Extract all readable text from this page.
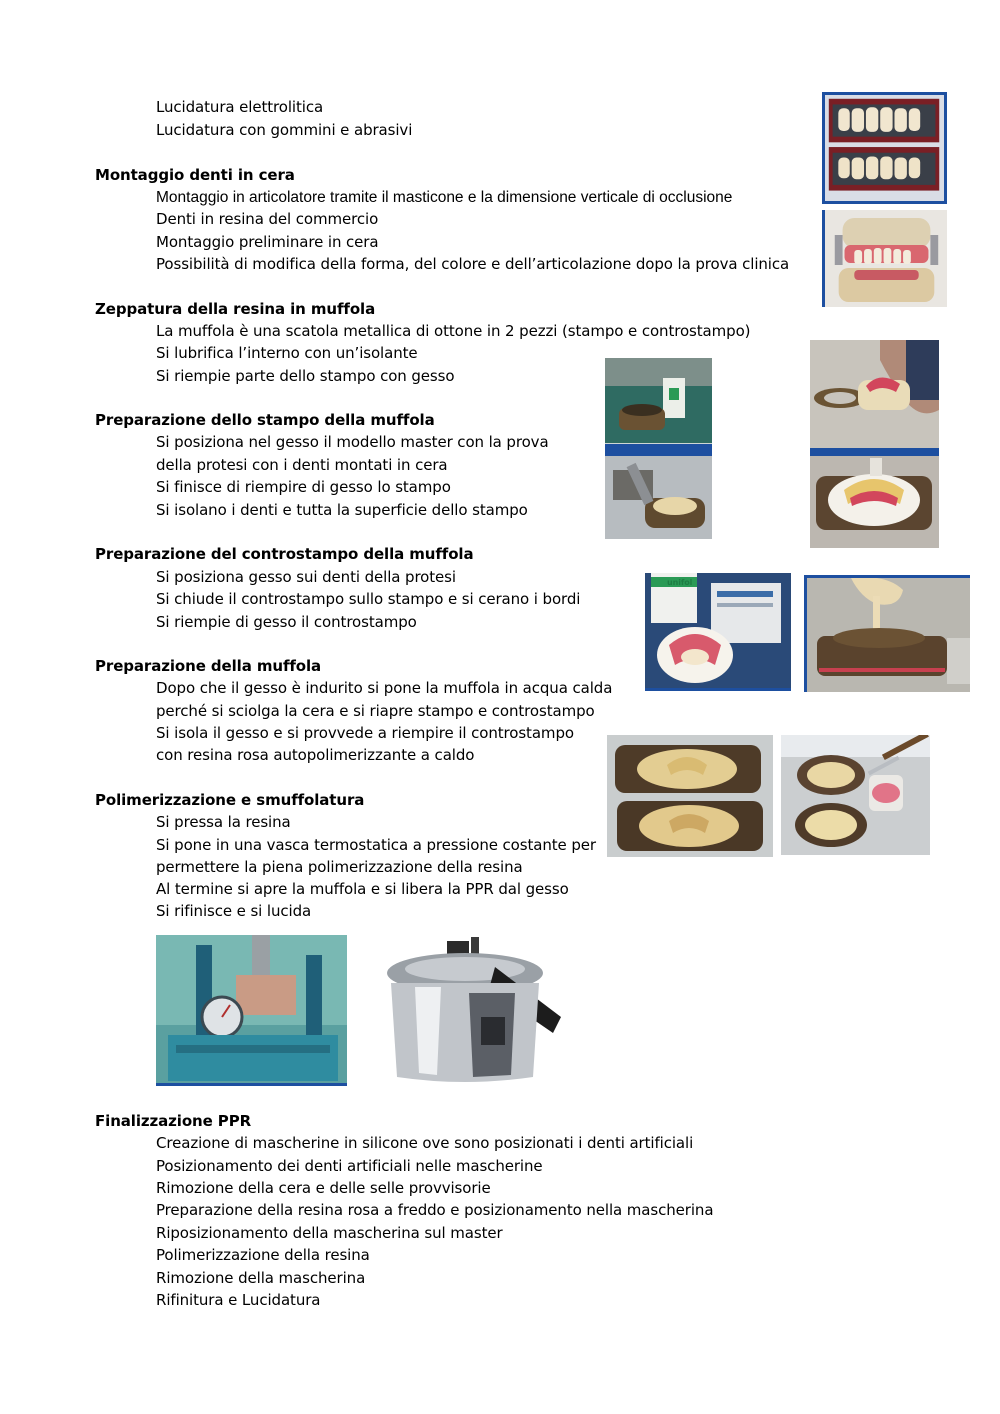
Lucidatura elettrolitica
Lucidatura con gommini e abrasivi
Montaggio denti in cera
Montaggio in articolatore tramite il masticone e la dimensione verticale di occlusione
Denti in resina del commercio
Montaggio preliminare in cera
Possibilità di modifica della forma, del colore e dell’articolazione dopo la prova clinica
Zeppatura della resina in muffola
La muffola è una scatola metallica di ottone in 2 pezzi (stampo e controstampo)
Si lubrifica l’interno con un’isolante
Si riempie parte dello stampo con gesso
Preparazione dello stampo della muffola
Si posiziona nel gesso il modello master con la prova
della protesi con i denti montati in cera
Si finisce di riempire di gesso lo stampo
Si isolano i denti e tutta la superficie dello stampo
Preparazione del controstampo della muffola
Si posiziona gesso sui denti della protesi
Si chiude il controstampo sullo stampo e si cerano i bordi
Si riempie di gesso il controstampo
Preparazione della muffola
Dopo che il gesso è indurito si pone la muffola in acqua calda
perché si sciolga la cera e si riapre stampo e controstampo
Si isola il gesso e si provvede a riempire il controstampo
con resina rosa autopolimerizzante a caldo
Polimerizzazione e smuffolatura
Si pressa la resina
Si pone in una vasca termostatica a pressione costante per
permettere la piena polimerizzazione della resina
Al termine si apre la muffola e si libera la PPR dal gesso
Si rifinisce e si lucida
Finalizzazione PPR
Creazione di mascherine in silicone ove sono posizionati i denti artificiali
Posizionamento dei denti artificiali nelle mascherine
Rimozione della cera e delle selle provvisorie
Preparazione della resina rosa a freddo e posizionamento nella mascherina
Riposizionamento della mascherina sul master
Polimerizzazione della resina
Rimozione della mascherina
Rifinitura e Lucidatura
unifol
